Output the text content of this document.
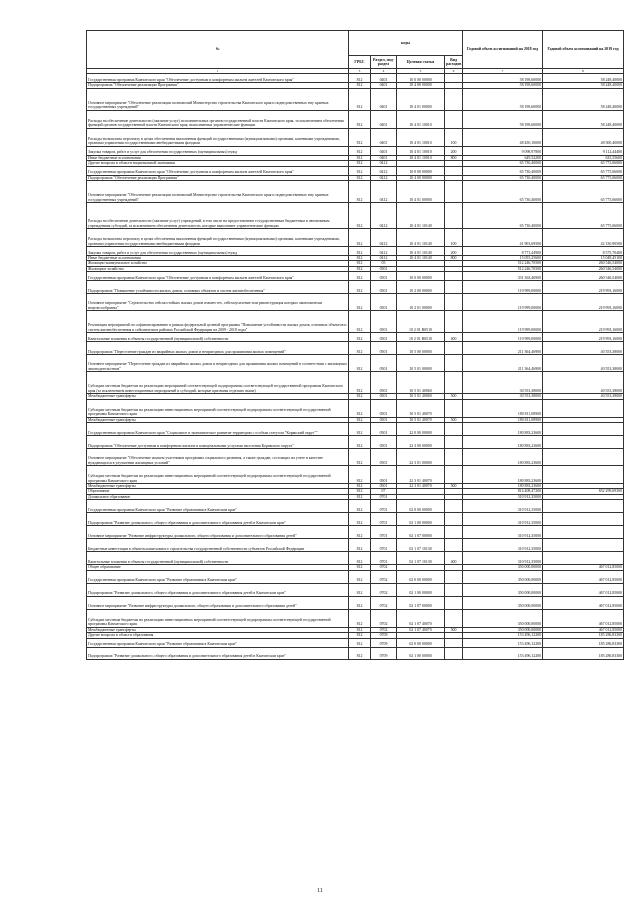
№	коды				Годовой объем ассигнований на 2018 год	Годовой объем ассигнований на 2019 год
	ГРБС	Раздел, под-раздел	Целевая статья	Вид расходов		
1	3	4	5	6	7	8
Государственная программа Камчатского края "Обеспечение доступным и комфортным жильем жителей Камчатского края"	812	0401	10 0 00 00000		58 198,60000	58 248,40000
Подпрограмма "Обеспечение реализации Программы"	812	0401	10 4 00 00000		58 198,60000	58 248,40000
Основное мероприятие "Обеспечение реализации полномочий Министерства строительства Камчатского края и подведомственных ему краевых государственных учреждений"	812	0401	10 4 01 00000		58 198,60000	58 248,40000
Расходы на обеспечение деятельности (оказание услуг) исполнительных органов государственной власти Камчатского края, за исключением обеспечения функций органов государственной власти Камчатского края, выполняемых управленческие функции	812	0401	10 4 01 10010		58 198,60000	58 248,40000
Расходы на выплаты персоналу в целях обеспечения выполнения функций государственными (муниципальными) органами, казенными учреждениями, органами управления государственными внебюджетными фондами	812	0401	10 4 01 10010	100	48 450,10000	48 500,40000
Закупка товаров, работ и услуг для обеспечения государственных (муниципальных) нужд	812	0401	10 4 01 10010	200	9 098,97800	9 112,44400
Иные бюджетные ассигнования	812	0401	10 4 01 10010	800	649,52200	635,55600
Другие вопросы в области национальной экономики	812	0412			65 730,40000	65 775,06000
Государственная программа Камчатского края "Обеспечение доступным и комфортным жильем жителей Камчатского края"	812	0412	10 0 00 00000		65 730,40000	65 775,06000
Подпрограмма "Обеспечение реализации Программы"	812	0412	10 4 00 00000		65 730,40000	65 775,06000
Основное мероприятие "Обеспечение реализации полномочий Министерства строительства Камчатского края и подведомственных ему краевых государственных учреждений"	812	0412	10 4 01 00000		65 730,40000	65 775,06000
Расходы на обеспечение деятельности (оказание услуг) учреждений, в том числе на предоставление государственным бюджетным и автономным учреждениям субсидий, за исключением обеспечения деятельности, которые выполняют управленческие функции	812	0412	10 4 01 10140		65 730,40000	65 775,06000
Расходы на выплаты персоналу в целях обеспечения выполнения функций государственными (муниципальными) органами, казенными учреждениями, органами управления государственными внебюджетными фондами	812	0412	10 4 01 10140	100	41 903,69500	42 150,90500
Закупка товаров, работ и услуг для обеспечения государственных (муниципальных) нужд	812	0412	10 4 01 10140	200	8 771,44900	8 575,70400
Иные бюджетные ассигнования	812	0412	10 4 01 10140	800	15 055,25600	15 048,45100
Жилищно-коммунальное хозяйство	812	05			512 246,70500	260 546,54000
Жилищное хозяйство	812	0501			512 246,70500	260 546,54000
Государственная программа Камчатского края "Обеспечение доступным и комфортным жильем жителей Камчатского края"	812	0501	10 0 00 00000		331 363,46900	260 546,54000
Подпрограмма "Повышение устойчивости жилых домов, основных объектов и систем жизнеобеспечения"	812	0501	10 2 00 00000		119 999,00000	219 993,16000
Основное мероприятие "Строительство сейсмостойких жилых домов взамен тех, сейсмоусиление или реконструкция которых экономически нецелесообразны"	812	0501	10 2 01 00000		119 999,00000	219 993,16000
Реализация мероприятий по софинансированию в рамках федеральной целевой программы "Повышение устойчивости жилых домов, основных объектов и систем жизнеобеспечения в сейсмических районах Российской Федерации на 2009 - 2018 годы"	812	0501	10 2 01 R0510		119 999,00000	219 993,16000
Капитальные вложения в объекты государственной (муниципальной) собственности	812	0501	10 2 01 R0510	400	119 999,00000	219 993,16000
Подпрограмма "Переселение граждан из аварийных жилых домов и непригодных для проживания жилых помещений"	812	0501	10 5 00 00000		211 364,46900	40 553,38000
Основное мероприятие "Переселение граждан из аварийных жилых домов и непригодных для проживания жилых помещений в соответствии с жилищным законодательством"	812	0501	10 5 01 00000		211 364,46900	40 553,38000
Субсидии местным бюджетам на реализацию мероприятий соответствующей подпрограммы соответствующей государственной программы Камчатского края (за исключением инвестиционных мероприятий и субсидий, которые признаны отдельно выше)	812	0501	10 5 01 40060		30 553,38000	40 553,38000
Межбюджетные трансферты	812	0501	10 5 01 40060	500	30 553,38000	40 553,38000
Субсидии местным бюджетам на реализацию инвестиционных мероприятий соответствующей подпрограммы соответствующей государственной программы Камчатского края	812	0501	10 5 01 40070		180 811,08900	
Межбюджетные трансферты	812	0501	10 5 01 40070	500	180 811,08900	
Государственная программа Камчатского края "Социальное и экономическое развитие территории с особым статусом "Корякский округ""	812	0501	22 0 00 00000		180 883,23600	
Подпрограмма "Обеспечение доступным и комфортным жильем и коммунальными услугами населения Корякского округа"	812	0501	22 3 00 00000		180 883,23600	
Основное мероприятие "Обеспечение жильем участников программы социального развития, а также граждан, состоящих на учете в качестве нуждающихся в улучшении жилищных условий"	812	0501	22 3 01 00000		180 883,23600	
Субсидии местным бюджетам на реализацию инвестиционных мероприятий соответствующей подпрограммы соответствующей государственной программы Камчатского края	812	0501	22 3 01 40070		180 883,23600	
Межбюджетные трансферты	812	0501	22 3 01 40070	500	180 883,23600	
Образование	812	07			814 408,47200	652 299,69300
Дошкольное образование	812	0701			310 912,35000	
Государственная программа Камчатского края "Развитие образования в Камчатском крае"	812	0701	02 0 00 00000		310 912,35000	
Подпрограмма "Развитие дошкольного, общего образования и дополнительного образования детей в Камчатском крае"	812	0701	02 1 00 00000		310 912,35000	
Основное мероприятие "Развитие инфраструктуры дошкольного, общего образования и дополнительного образования детей"	812	0701	02 1 07 00000		310 912,35000	
Бюджетные инвестиции в объекты капитального строительства государственной собственности субъектов Российской Федерации	812	0701	02 1 07 10130		310 912,35000	
Капитальные вложения в объекты государственной (муниципальной) собственности	812	0701	02 1 07 10130	400	310 912,35000	
Общее образование	812	0702			350 000,00000	467 012,85000
Государственная программа Камчатского края "Развитие образования в Камчатском крае"	812	0702	02 0 00 00000		350 000,00000	467 012,85000
Подпрограмма "Развитие дошкольного, общего образования и дополнительного образования детей в Камчатском крае"	812	0702	02 1 00 00000		350 000,00000	467 012,85000
Основное мероприятие "Развитие инфраструктуры дошкольного, общего образования и дополнительного образования детей"	812	0702	02 1 07 00000		350 000,00000	467 012,85000
Субсидии местным бюджетам на реализацию инвестиционных мероприятий соответствующей подпрограммы соответствующей государственной программы Камчатского края	812	0702	02 1 07 40070		350 000,00000	467 012,85000
Межбюджетные трансферты	812	0702	02 1 07 40070	500	350 000,00000	467 012,85000
Другие вопросы в области образования	812	0709			153 496,12200	185 286,83300
Государственная программа Камчатского края "Развитие образования в Камчатском крае"	812	0709	02 0 00 00000		153 496,12200	185 286,83300
Подпрограмма "Развитие дошкольного, общего образования и дополнительного образования детей в Камчатском крае"	812	0709	02 1 00 00000		153 496,12200	185 286,83300
11
